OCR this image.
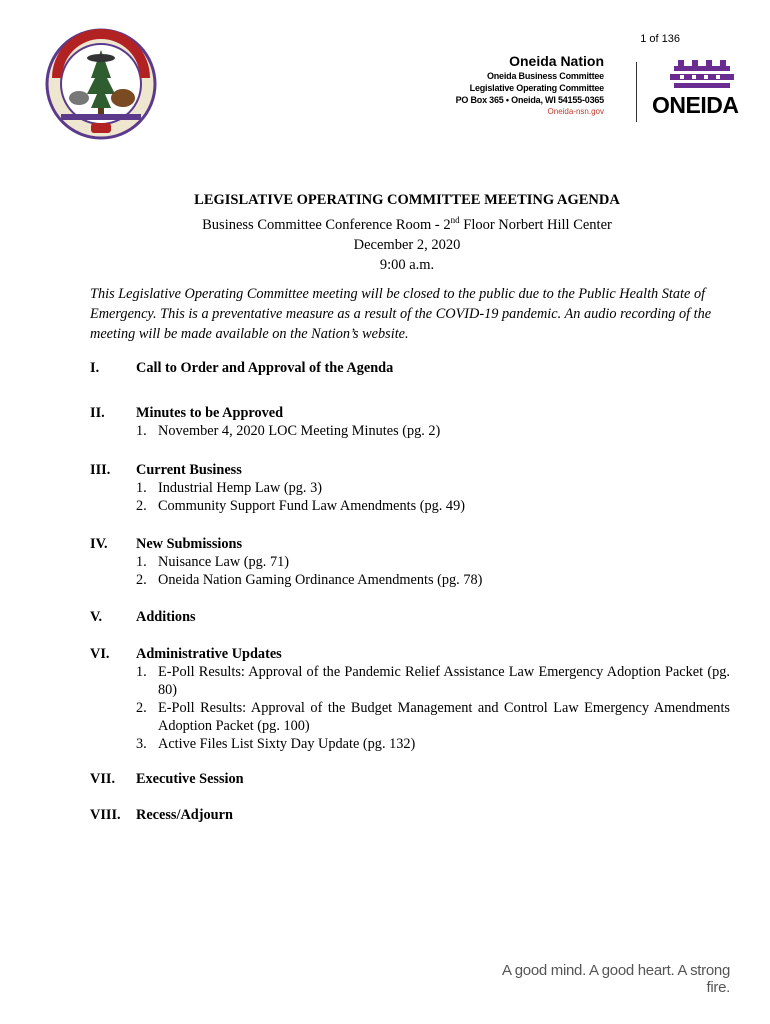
1 of 136
Oneida Nation
Oneida Business Committee
Legislative Operating Committee
PO Box 365 • Oneida, WI 54155-0365
Oneida-nsn.gov ONEIDA
LEGISLATIVE OPERATING COMMITTEE MEETING AGENDA
Business Committee Conference Room - 2nd Floor Norbert Hill Center
December 2, 2020
9:00 a.m.
This Legislative Operating Committee meeting will be closed to the public due to the Public Health State of Emergency. This is a preventative measure as a result of the COVID-19 pandemic. An audio recording of the meeting will be made available on the Nation’s website.
I.	Call to Order and Approval of the Agenda
II. Minutes to be Approved
1. November 4, 2020 LOC Meeting Minutes (pg. 2)
III. Current Business
1. Industrial Hemp Law (pg. 3)
2. Community Support Fund Law Amendments (pg. 49)
IV. New Submissions
1. Nuisance Law (pg. 71)
2. Oneida Nation Gaming Ordinance Amendments (pg. 78)
V. Additions
VI. Administrative Updates
1. E-Poll Results: Approval of the Pandemic Relief Assistance Law Emergency Adoption Packet (pg. 80)
2. E-Poll Results: Approval of the Budget Management and Control Law Emergency Amendments Adoption Packet (pg. 100)
3. Active Files List Sixty Day Update (pg. 132)
VII. Executive Session
VIII. Recess/Adjourn
A good mind. A good heart. A strong fire.
